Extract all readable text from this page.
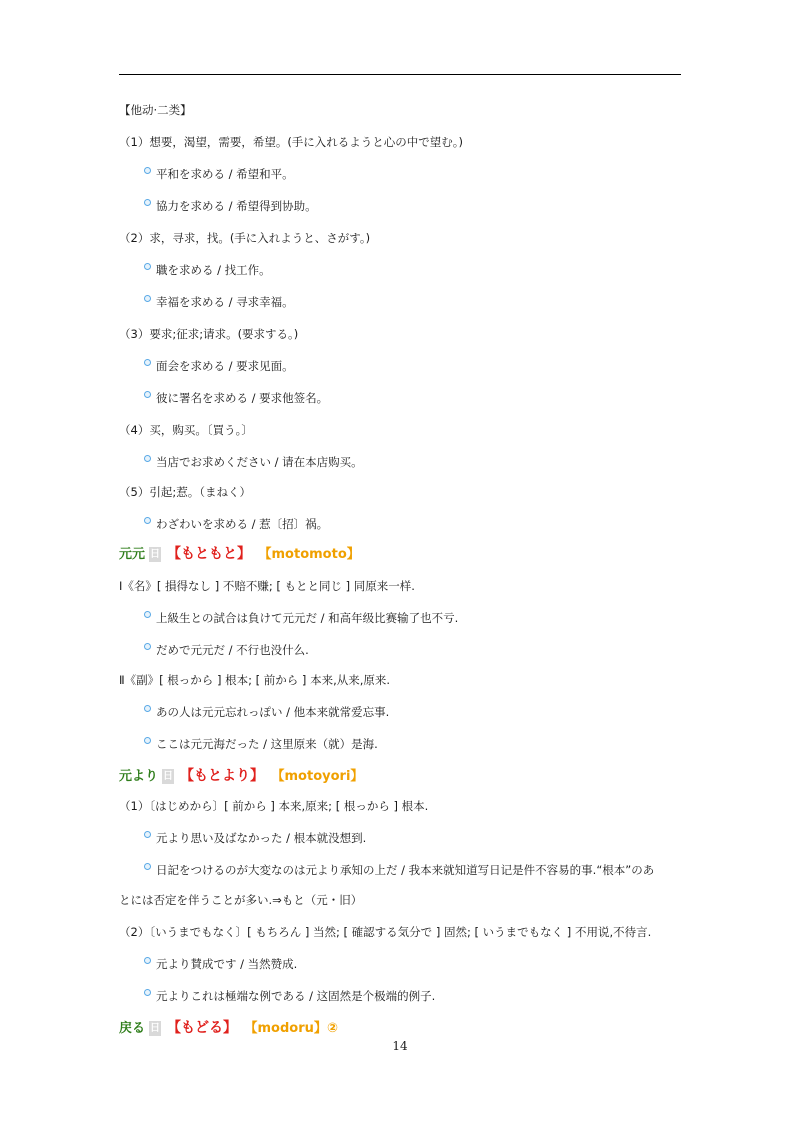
【他动·二类】
（1）想要，渴望，需要，希望。(手に入れるようと心の中で望む。)
平和を求める / 希望和平。
協力を求める / 希望得到协助。
（2）求，寻求，找。(手に入れようと、さがす。)
職を求める / 找工作。
幸福を求める / 寻求幸福。
（3）要求;征求;请求。(要求する。)
面会を求める / 要求见面。
彼に署名を求める / 要求他签名。
（4）买，购买。〔買う。〕
当店でお求めください / 请在本店购买。
（5）引起;惹。（まねく）
わざわいを求める / 惹〔招〕祸。
元元 日 【もともと】 【motomoto】
Ⅰ《名》[ 損得なし ] 不赔不赚; [ もとと同じ ] 同原来一样.
上級生との試合は負けて元元だ / 和高年级比赛输了也不亏.
だめで元元だ / 不行也没什么.
Ⅱ《副》[ 根っから ] 根本; [ 前から ] 本来,从来,原来.
あの人は元元忘れっぽい / 他本来就常爱忘事.
ここは元元海だった / 这里原来（就）是海.
元より 日 【もとより】 【motoyori】
（1）〔はじめから〕[ 前から ] 本来,原来; [ 根っから ] 根本.
元より思い及ばなかった / 根本就没想到.
日記をつけるのが大変なのは元より承知の上だ / 我本来就知道写日记是件不容易的事.“根本”のあ
とには否定を伴うことが多い.⇒もと（元・旧）
（2）〔いうまでもなく〕[ もちろん ] 当然; [ 確認する気分で ] 固然; [ いうまでもなく ] 不用说,不待言.
元より賛成です / 当然赞成.
元よりこれは極端な例である / 这固然是个极端的例子.
戻る 日 【もどる】 【modoru】②
14
